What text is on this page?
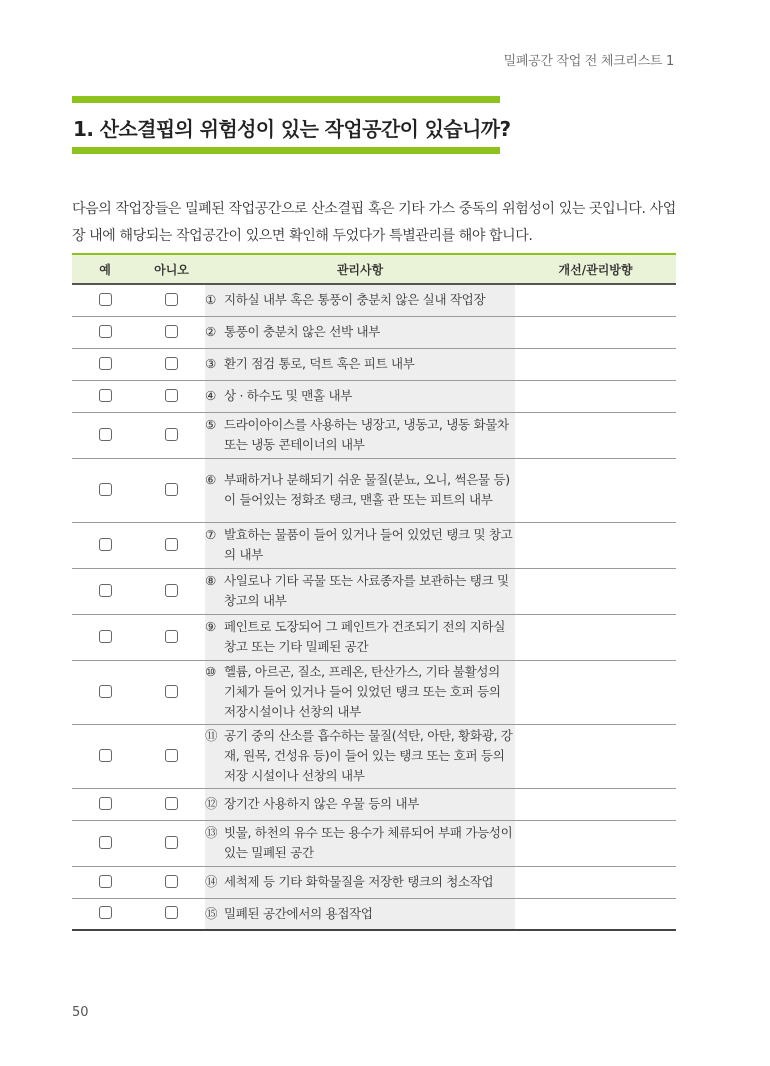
밀폐공간 작업 전 체크리스트 1
1. 산소결핍의 위험성이 있는 작업공간이 있습니까?

다음의 작업장들은 밀폐된 작업공간으로 산소결핍 혹은 기타 가스 중독의 위험성이 있는 곳입니다. 사업장 내에 해당되는 작업공간이 있으면 확인해 두었다가 특별관리를 해야 합니다.

예	아니오	관리사항	개선/관리방향

		① 지하실 내부 혹은 통풍이 충분치 않은 실내 작업장	

		② 통풍이 충분치 않은 선박 내부	

		③ 환기 점검 통로, 덕트 혹은 피트 내부	

		④ 상 · 하수도 및 맨홀 내부	

		⑤ 드라이아이스를 사용하는 냉장고, 냉동고, 냉동 화물차 또는 냉동 콘테이너의 내부	

		⑥ 부패하거나 분해되기 쉬운 물질(분뇨, 오니, 썩은물 등)이 들어있는 정화조 탱크, 맨홀 관 또는 피트의 내부	

		⑦ 발효하는 물품이 들어 있거나 들어 있었던 탱크 및 창고의 내부	

		⑧ 사일로나 기타 곡물 또는 사료종자를 보관하는 탱크 및 창고의 내부	

		⑨ 페인트로 도장되어 그 페인트가 건조되기 전의 지하실창고 또는 기타 밀폐된 공간	

		⑩ 헬륨, 아르곤, 질소, 프레온, 탄산가스, 기타 불활성의 기체가 들어 있거나 들어 있었던 탱크 또는 호퍼 등의 저장시설이나 선창의 내부	

		⑪ 공기 중의 산소를 흡수하는 물질(석탄, 아탄, 황화광, 강재, 원목, 건성유 등)이 들어 있는 탱크 또는 호퍼 등의 저장 시설이나 선창의 내부	

		⑫ 장기간 사용하지 않은 우물 등의 내부	

		⑬ 빗물, 하천의 유수 또는 용수가 체류되어 부패 가능성이 있는 밀폐된 공간	

		⑭ 세척제 등 기타 화학물질을 저장한 탱크의 청소작업	

		⑮ 밀폐된 공간에서의 용접작업	

50
